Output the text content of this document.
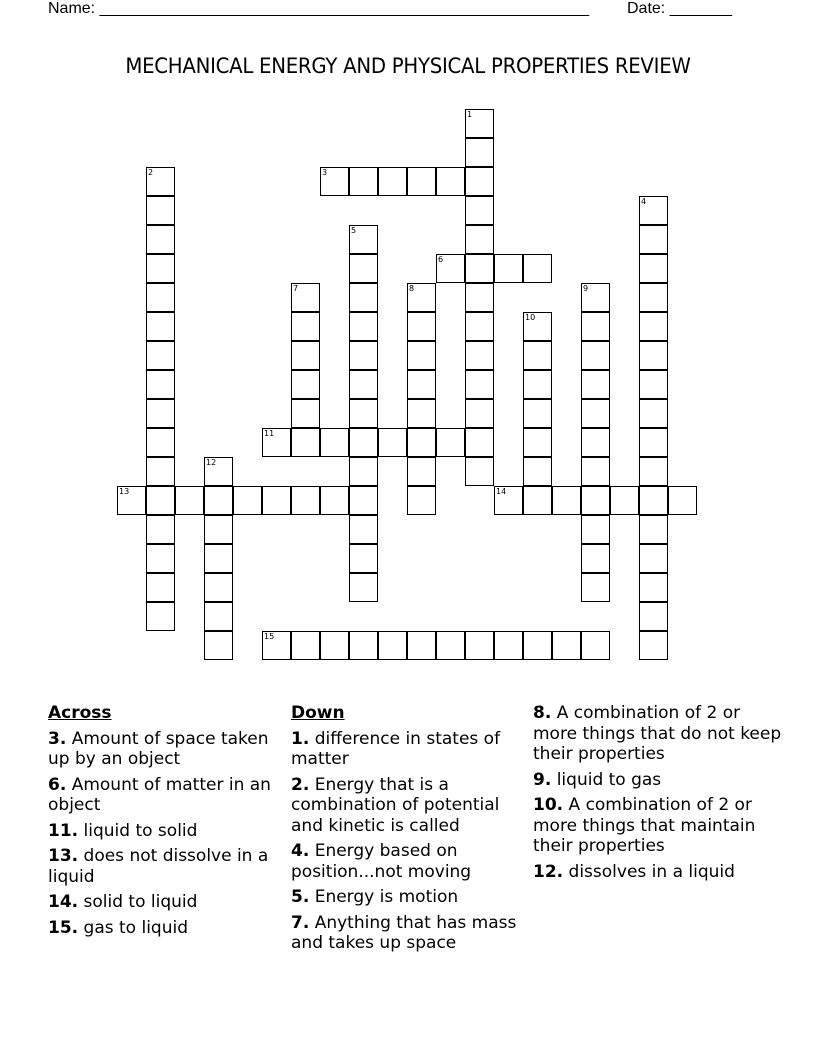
Name: _______________________________________________________ Date: _______
MECHANICAL ENERGY AND PHYSICAL PROPERTIES REVIEW
1
2	3
4
5
6
7	8	9
10
11
12
13	14
15
Across
3. Amount of space taken up by an object
6. Amount of matter in an object
11. liquid to solid
13. does not dissolve in a liquid
14. solid to liquid
15. gas to liquid
Down
1. difference in states of matter
2. Energy that is a combination of potential and kinetic is called
4. Energy based on position...not moving
5. Energy is motion
7. Anything that has mass and takes up space
8. A combination of 2 or more things that do not keep their properties
9. liquid to gas
10. A combination of 2 or more things that maintain their properties
12. dissolves in a liquid
